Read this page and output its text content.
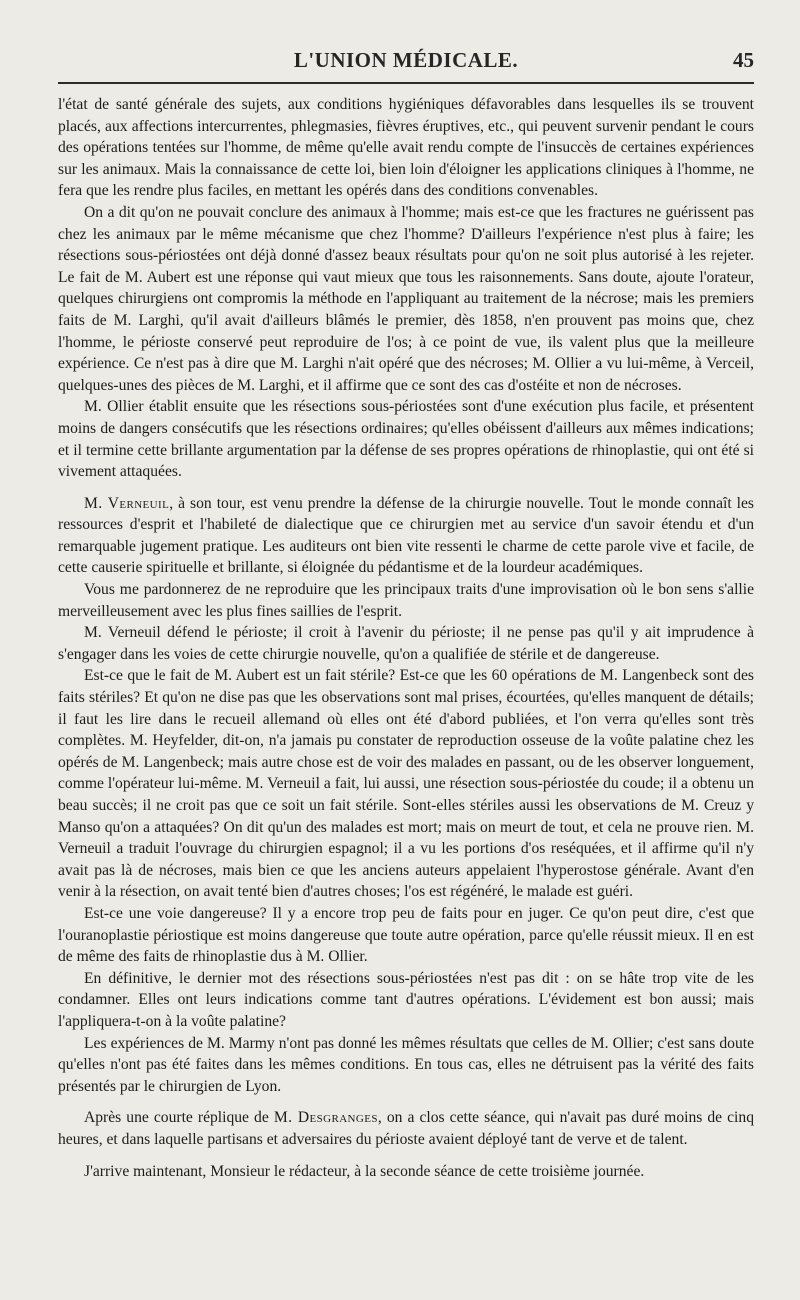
L'UNION MÉDICALE.	45

l'état de santé générale des sujets, aux conditions hygiéniques défavorables dans lesquelles ils se trouvent placés, aux affections intercurrentes, phlegmasies, fièvres éruptives, etc., qui peuvent survenir pendant le cours des opérations tentées sur l'homme, de même qu'elle avait rendu compte de l'insuccès de certaines expériences sur les animaux. Mais la connaissance de cette loi, bien loin d'éloigner les applications cliniques à l'homme, ne fera que les rendre plus faciles, en mettant les opérés dans des conditions convenables.

On a dit qu'on ne pouvait conclure des animaux à l'homme; mais est-ce que les fractures ne guérissent pas chez les animaux par le même mécanisme que chez l'homme? D'ailleurs l'expérience n'est plus à faire; les résections sous-périostées ont déjà donné d'assez beaux résultats pour qu'on ne soit plus autorisé à les rejeter. Le fait de M. Aubert est une réponse qui vaut mieux que tous les raisonnements. Sans doute, ajoute l'orateur, quelques chirurgiens ont compromis la méthode en l'appliquant au traitement de la nécrose; mais les premiers faits de M. Larghi, qu'il avait d'ailleurs blâmés le premier, dès 1858, n'en prouvent pas moins que, chez l'homme, le périoste conservé peut reproduire de l'os; à ce point de vue, ils valent plus que la meilleure expérience. Ce n'est pas à dire que M. Larghi n'ait opéré que des nécroses; M. Ollier a vu lui-même, à Verceil, quelques-unes des pièces de M. Larghi, et il affirme que ce sont des cas d'ostéite et non de nécroses.

M. Ollier établit ensuite que les résections sous-périostées sont d'une exécution plus facile, et présentent moins de dangers consécutifs que les résections ordinaires; qu'elles obéissent d'ailleurs aux mêmes indications; et il termine cette brillante argumentation par la défense de ses propres opérations de rhinoplastie, qui ont été si vivement attaquées.

M. Verneuil, à son tour, est venu prendre la défense de la chirurgie nouvelle. Tout le monde connaît les ressources d'esprit et l'habileté de dialectique que ce chirurgien met au service d'un savoir étendu et d'un remarquable jugement pratique. Les auditeurs ont bien vite ressenti le charme de cette parole vive et facile, de cette causerie spirituelle et brillante, si éloignée du pédantisme et de la lourdeur académiques.

Vous me pardonnerez de ne reproduire que les principaux traits d'une improvisation où le bon sens s'allie merveilleusement avec les plus fines saillies de l'esprit.

M. Verneuil défend le périoste; il croit à l'avenir du périoste; il ne pense pas qu'il y ait imprudence à s'engager dans les voies de cette chirurgie nouvelle, qu'on a qualifiée de stérile et de dangereuse.

Est-ce que le fait de M. Aubert est un fait stérile? Est-ce que les 60 opérations de M. Langenbeck sont des faits stériles? Et qu'on ne dise pas que les observations sont mal prises, écourtées, qu'elles manquent de détails; il faut les lire dans le recueil allemand où elles ont été d'abord publiées, et l'on verra qu'elles sont très complètes. M. Heyfelder, dit-on, n'a jamais pu constater de reproduction osseuse de la voûte palatine chez les opérés de M. Langenbeck; mais autre chose est de voir des malades en passant, ou de les observer longuement, comme l'opérateur lui-même. M. Verneuil a fait, lui aussi, une résection sous-périostée du coude; il a obtenu un beau succès; il ne croit pas que ce soit un fait stérile. Sont-elles stériles aussi les observations de M. Creuz y Manso qu'on a attaquées? On dit qu'un des malades est mort; mais on meurt de tout, et cela ne prouve rien. M. Verneuil a traduit l'ouvrage du chirurgien espagnol; il a vu les portions d'os reséquées, et il affirme qu'il n'y avait pas là de nécroses, mais bien ce que les anciens auteurs appelaient l'hyperostose générale. Avant d'en venir à la résection, on avait tenté bien d'autres choses; l'os est régénéré, le malade est guéri.

Est-ce une voie dangereuse? Il y a encore trop peu de faits pour en juger. Ce qu'on peut dire, c'est que l'ouranoplastie périostique est moins dangereuse que toute autre opération, parce qu'elle réussit mieux. Il en est de même des faits de rhinoplastie dus à M. Ollier.

En définitive, le dernier mot des résections sous-périostées n'est pas dit : on se hâte trop vite de les condamner. Elles ont leurs indications comme tant d'autres opérations. L'évidement est bon aussi; mais l'appliquera-t-on à la voûte palatine?

Les expériences de M. Marmy n'ont pas donné les mêmes résultats que celles de M. Ollier; c'est sans doute qu'elles n'ont pas été faites dans les mêmes conditions. En tous cas, elles ne détruisent pas la vérité des faits présentés par le chirurgien de Lyon.

Après une courte réplique de M. Desgranges, on a clos cette séance, qui n'avait pas duré moins de cinq heures, et dans laquelle partisans et adversaires du périoste avaient déployé tant de verve et de talent.

J'arrive maintenant, Monsieur le rédacteur, à la seconde séance de cette troisième journée.
